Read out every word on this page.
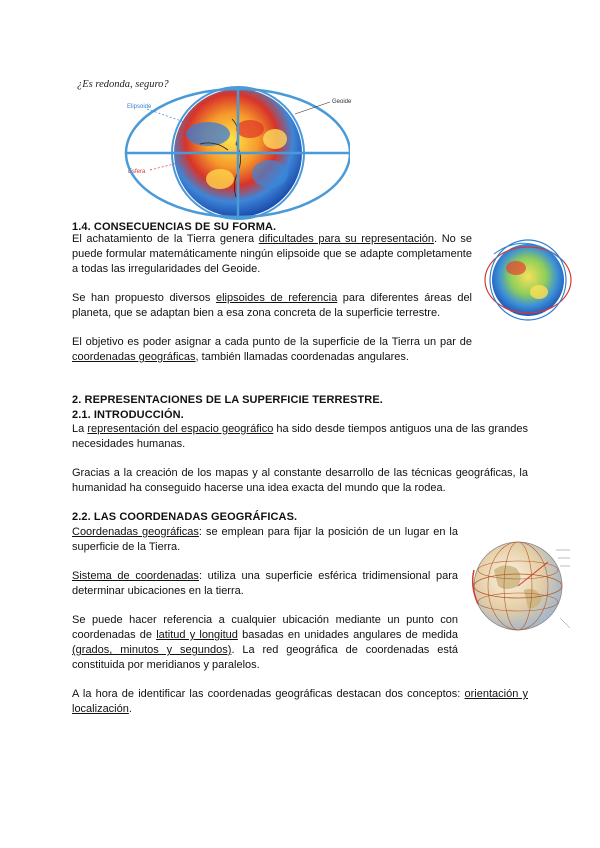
¿Es redonda, seguro?
Elipsoide
Esfera
Geoide
1.4. CONSECUENCIAS DE SU FORMA.

El achatamiento de la Tierra genera dificultades para su representación. No se puede formular matemáticamente ningún elipsoide que se adapte completamente a todas las irregularidades del Geoide.

Se han propuesto diversos elipsoides de referencia para diferentes áreas del planeta, que se adaptan bien a esa zona concreta de la superficie terrestre.

El objetivo es poder asignar a cada punto de la superficie de la Tierra un par de coordenadas geográficas, también llamadas coordenadas angulares.

2. REPRESENTACIONES DE LA SUPERFICIE TERRESTRE.
2.1. INTRODUCCIÓN.

La representación del espacio geográfico ha sido desde tiempos antiguos una de las grandes necesidades humanas.

Gracias a la creación de los mapas y al constante desarrollo de las técnicas geográficas, la humanidad ha conseguido hacerse una idea exacta del mundo que la rodea.

2.2. LAS COORDENADAS GEOGRÁFICAS.

Coordenadas geográficas: se emplean para fijar la posición de un lugar en la superficie de la Tierra.

Sistema de coordenadas: utiliza una superficie esférica tridimensional para determinar ubicaciones en la tierra.

Se puede hacer referencia a cualquier ubicación mediante un punto con coordenadas de latitud y longitud basadas en unidades angulares de medida (grados, minutos y segundos). La red geográfica de coordenadas está constituida por meridianos y paralelos.

A la hora de identificar las coordenadas geográficas destacan dos conceptos: orientación y localización.
